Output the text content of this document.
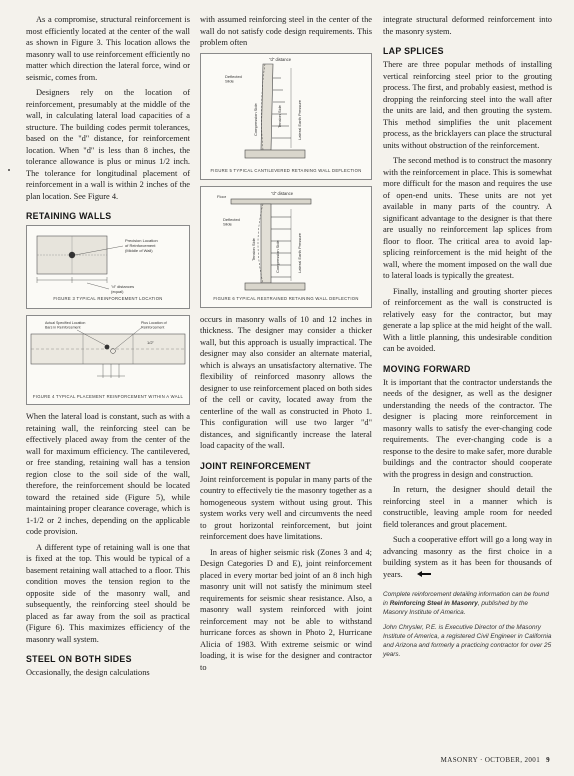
As a compromise, structural reinforcement is most efficiently located at the center of the wall as shown in Figure 3. This location allows the masonry wall to use reinforcement efficiently no matter which direction the lateral force, wind or seismic, comes from.

Designers rely on the location of reinforcement, presumably at the middle of the wall, in calculating lateral load capacities of a structure. The building codes permit tolerances, based on the "d" distance, for reinforcement location. When "d" is less than 8 inches, the tolerance allowance is plus or minus 1/2 inch. The tolerance for longitudinal placement of reinforcement in a wall is within 2 inches of the plan location. See Figure 4.

RETAINING WALLS
Precision Location of Reinforcement (Middle of Wall)
"d" distances
(equal)
FIGURE 3 TYPICAL REINFORCEMENT LOCATION
Actual Specified Location Bars in Reinforcement
Plus Location of Reinforcement
1/2"
FIGURE 4 TYPICAL PLACEMENT REINFORCEMENT WITHIN A WALL

When the lateral load is constant, such as with a retaining wall, the reinforcing steel can be effectively placed away from the center of the wall for maximum efficiency. The cantilevered, or free standing, retaining wall has a tension region close to the soil side of the wall, therefore, the reinforcement should be located toward the retained side (Figure 5), while maintaining proper clearance coverage, which is 1-1/2 or 2 inches, depending on the applicable code provision.

A different type of retaining wall is one that is fixed at the top. This would be typical of a basement retaining wall attached to a floor. This condition moves the tension region to the opposite side of the masonry wall, and subsequently, the reinforcing steel should be placed as far away from the soil as practical (Figure 6). This maximizes efficiency of the masonry wall system.

STEEL ON BOTH SIDES

Occasionally, the design calculations

with assumed reinforcing steel in the center of the wall do not satisfy code design requirements. This problem often

"d" distance
Deflected Slide
Compression Side	Tension Side	Lateral Earth Pressure
FIGURE 5 TYPICAL CANTILEVERED RETAINING WALL DEFLECTION
"d" distance
Floor
Deflected Slide
Tension Side	Compression Side	Lateral Earth Pressure
FIGURE 6 TYPICAL RESTRAINED RETAINING WALL DEFLECTION

occurs in masonry walls of 10 and 12 inches in thickness. The designer may consider a thicker wall, but this approach is usually impractical. The designer may also consider an alternate material, which is always an unsatisfactory alternative. The flexibility of reinforced masonry allows the designer to use reinforcement placed on both sides of the cell or cavity, located away from the centerline of the wall as constructed in Photo 1. This configuration will use two larger "d" distances, and significantly increase the lateral load capacity of the wall.

JOINT REINFORCEMENT

Joint reinforcement is popular in many parts of the country to effectively tie the masonry together as a homogeneous system without using grout. This system works very well and circumvents the need to grout horizontal reinforcement, but joint reinforcement does have limitations.

In areas of higher seismic risk (Zones 3 and 4; Design Categories D and E), joint reinforcement placed in every mortar bed joint of an 8 inch high masonry unit will not satisfy the minimum steel requirements for seismic shear resistance. Also, a masonry wall system reinforced with joint reinforcement may not be able to withstand hurricane forces as shown in Photo 2, Hurricane Alicia of 1983. With extreme seismic or wind loading, it is wise for the designer and contractor to

integrate structural deformed reinforcement into the masonry system.

LAP SPLICES

There are three popular methods of installing vertical reinforcing steel prior to the grouting process. The first, and probably easiest, method is dropping the reinforcing steel into the wall after the units are laid, and then grouting the system. This method simplifies the unit placement process, as the bricklayers can place the structural units without obstruction of the reinforcement.

The second method is to construct the masonry with the reinforcement in place. This is somewhat more difficult for the mason and requires the use of open-end units. These units are not yet available in many parts of the country. A significant advantage to the designer is that there are usually no reinforcement lap splices from floor to floor. The critical area to avoid lap-splicing reinforcement is the mid height of the wall, where the moment imposed on the wall due to lateral loads is typically the greatest.

Finally, installing and grouting shorter pieces of reinforcement as the wall is constructed is relatively easy for the contractor, but may generate a lap splice at the mid height of the wall. With a little planning, this undesirable condition can be avoided.

MOVING FORWARD

It is important that the contractor understands the needs of the designer, as well as the designer understanding the needs of the contractor. The designer is placing more reinforcement in masonry walls to satisfy the ever-changing code requirements. The ever-changing code is a response to the desire to make safer, more durable buildings and the contractor should cooperate with the progress in design and construction.

In return, the designer should detail the reinforcing steel in a manner which is constructible, leaving ample room for needed field tolerances and grout placement.

Such a cooperative effort will go a long way in advancing masonry as the first choice in a building system as it has been for thousands of years.

Complete reinforcement detailing information can be found in Reinforcing Steel in Masonry, published by the Masonry Institute of America.

John Chrysler, P.E. is Executive Director of the Masonry Institute of America, a registered Civil Engineer in California and Arizona and formerly a practicing contractor for over 25 years.

MASONRY · OCTOBER, 2001 9
